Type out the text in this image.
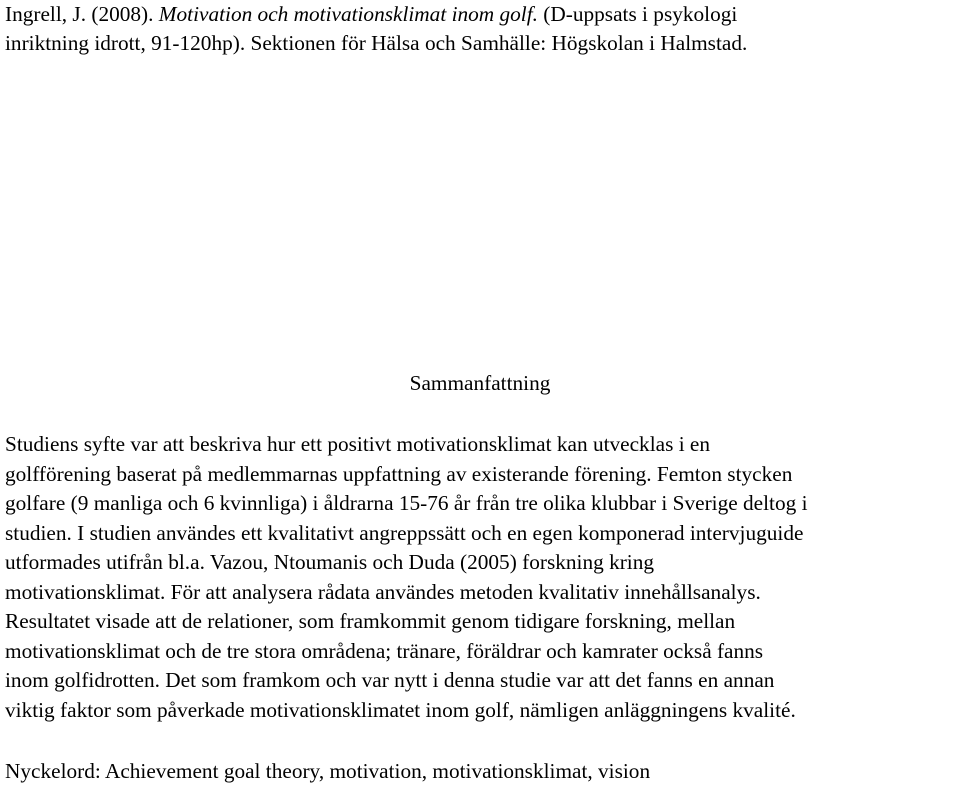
Ingrell, J. (2008). Motivation och motivationsklimat inom golf. (D-uppsats i psykologi
inriktning idrott, 91-120hp). Sektionen för Hälsa och Samhälle: Högskolan i Halmstad.
Sammanfattning
Studiens syfte var att beskriva hur ett positivt motivationsklimat kan utvecklas i en
golfförening baserat på medlemmarnas uppfattning av existerande förening. Femton stycken
golfare (9 manliga och 6 kvinnliga) i åldrarna 15-76 år från tre olika klubbar i Sverige deltog i
studien. I studien användes ett kvalitativt angreppssätt och en egen komponerad intervjuguide
utformades utifrån bl.a. Vazou, Ntoumanis och Duda (2005) forskning kring
motivationsklimat. För att analysera rådata användes metoden kvalitativ innehållsanalys.
Resultatet visade att de relationer, som framkommit genom tidigare forskning, mellan
motivationsklimat och de tre stora områdena; tränare, föräldrar och kamrater också fanns
inom golfidrotten. Det som framkom och var nytt i denna studie var att det fanns en annan
viktig faktor som påverkade motivationsklimatet inom golf, nämligen anläggningens kvalité.
Nyckelord: Achievement goal theory, motivation, motivationsklimat, vision
